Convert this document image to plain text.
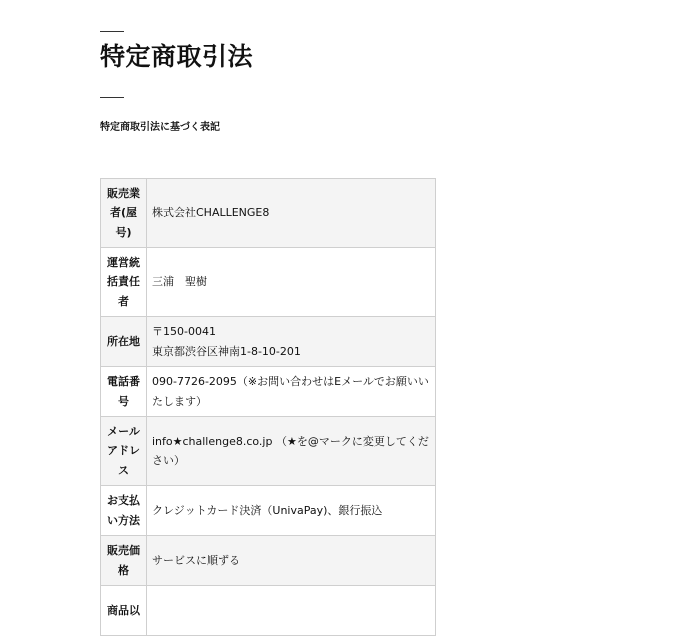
特定商取引法

特定商取引法に基づく表記

販売業者(屋号)	株式会社CHALLENGE8
運営統括責任者	三浦　聖樹
所在地	〒150-0041
東京都渋谷区神南1-8-10-201
電話番号	090-7726-2095（※お問い合わせはEメールでお願いいたします）
メールアドレス	info★challenge8.co.jp （★を@マークに変更してください）
お支払い方法	クレジットカード決済（UnivaPay)、銀行振込
販売価格	サービスに順ずる
商品以	
